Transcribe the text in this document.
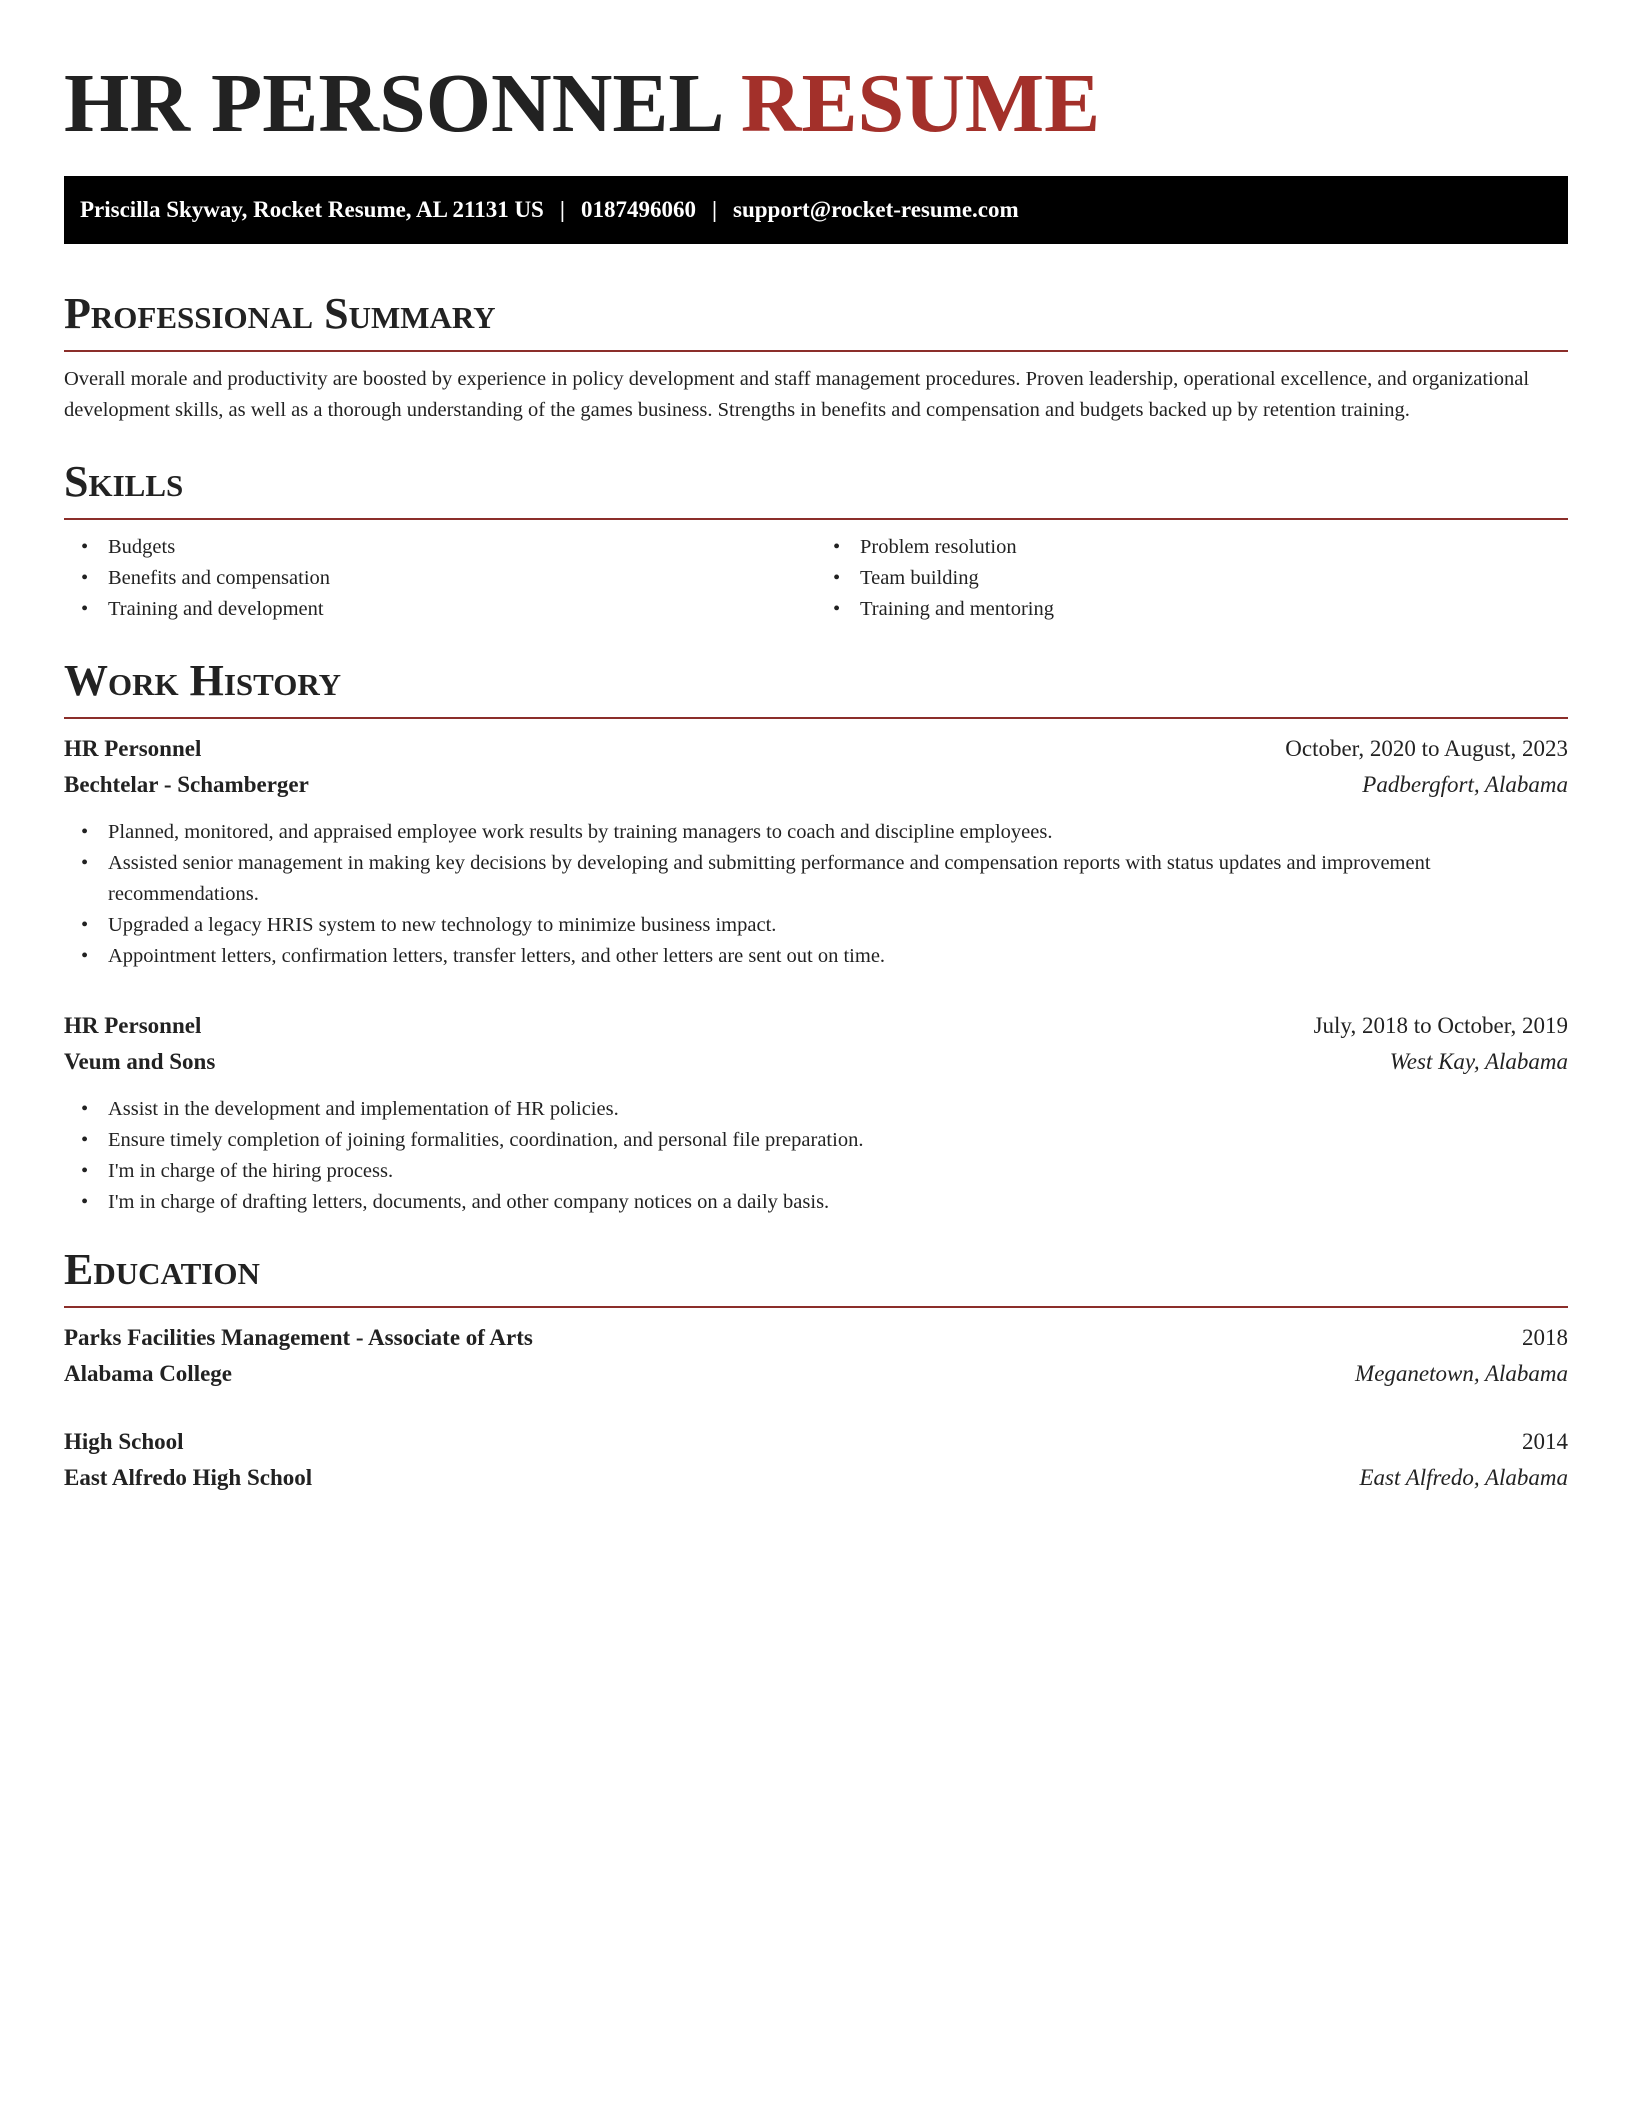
HR PERSONNEL RESUME
Priscilla Skyway, Rocket Resume, AL 21131 US | 0187496060 | support@rocket-resume.com
Professional Summary

Overall morale and productivity are boosted by experience in policy development and staff management procedures. Proven leadership, operational excellence, and organizational development skills, as well as a thorough understanding of the games business. Strengths in benefits and compensation and budgets backed up by retention training.

Skills
• Budgets
• Benefits and compensation
• Training and development
• Problem resolution
• Team building
• Training and mentoring
Work History
HR Personnel	October, 2020 to August, 2023
Bechtelar - Schamberger	Padbergfort, Alabama
• Planned, monitored, and appraised employee work results by training managers to coach and discipline employees.
• Assisted senior management in making key decisions by developing and submitting performance and compensation reports with status updates and improvement recommendations.
• Upgraded a legacy HRIS system to new technology to minimize business impact.
• Appointment letters, confirmation letters, transfer letters, and other letters are sent out on time.
HR Personnel	July, 2018 to October, 2019
Veum and Sons	West Kay, Alabama
• Assist in the development and implementation of HR policies.
• Ensure timely completion of joining formalities, coordination, and personal file preparation.
• I'm in charge of the hiring process.
• I'm in charge of drafting letters, documents, and other company notices on a daily basis.
Education
Parks Facilities Management - Associate of Arts	2018
Alabama College	Meganetown, Alabama
High School	2014
East Alfredo High School	East Alfredo, Alabama
